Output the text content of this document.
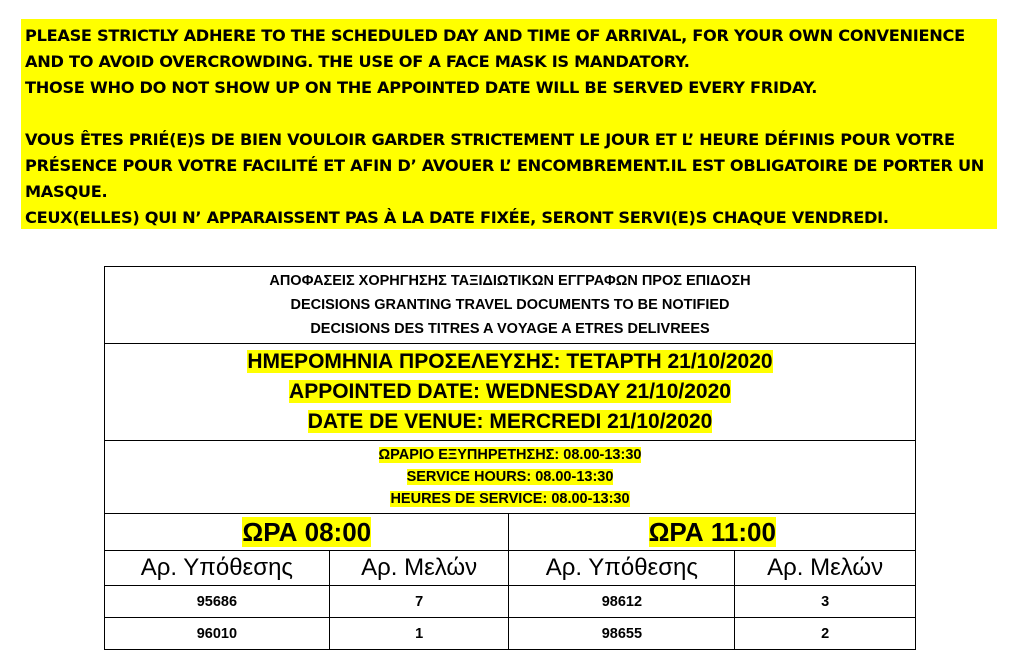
PLEASE STRICTLY ADHERE TO THE SCHEDULED DAY AND TIME OF ARRIVAL, FOR YOUR OWN CONVENIENCE
AND TO AVOID OVERCROWDING. THE USE OF A FACE MASK IS MANDATORY.
THOSE WHO DO NOT SHOW UP ON THE APPOINTED DATE WILL BE SERVED EVERY FRIDAY.
VOUS ÊTES PRIÉ(E)S DE BIEN VOULOIR GARDER STRICTEMENT LE JOUR ET L’ HEURE DÉFINIS POUR VOTRE
PRÉSENCE POUR VOTRE FACILITÉ ET AFIN D’ AVOUER L’ ENCOMBREMENT.IL EST OBLIGATOIRE DE PORTER UN
MASQUE.
CEUX(ELLES) QUI N’ APPARAISSENT PAS À LA DATE FIXÉE, SERONT SERVI(E)S CHAQUE VENDREDI.
ΑΠΟΦΑΣΕΙΣ ΧΟΡΗΓΗΣΗΣ ΤΑΞΙΔΙΩΤΙΚΩΝ ΕΓΓΡΑΦΩΝ ΠΡΟΣ ΕΠΙΔΟΣΗ
DECISIONS GRANTING TRAVEL DOCUMENTS TO BE NOTIFIED
DECISIONS DES TITRES A VOYAGE A ETRES DELIVREES			

ΗΜΕΡΟΜΗΝΙΑ ΠΡΟΣΕΛΕΥΣΗΣ: ΤΕΤΑΡΤΗ 21/10/2020
APPOINTED DATE: WEDNESDAY 21/10/2020
DATE DE VENUE: MERCREDI 21/10/2020			

ΩΡΑΡΙΟ ΕΞΥΠΗΡΕΤΗΣΗΣ: 08.00-13:30
SERVICE HOURS: 08.00-13:30
HEURES DE SERVICE: 08.00-13:30			

ΩΡΑ 08:00		ΩΡΑ 11:00	
Αρ. Υπόθεσης	Αρ. Μελών	Αρ. Υπόθεσης	Αρ. Μελών
95686	7	98612	3
96010	1	98655	2
